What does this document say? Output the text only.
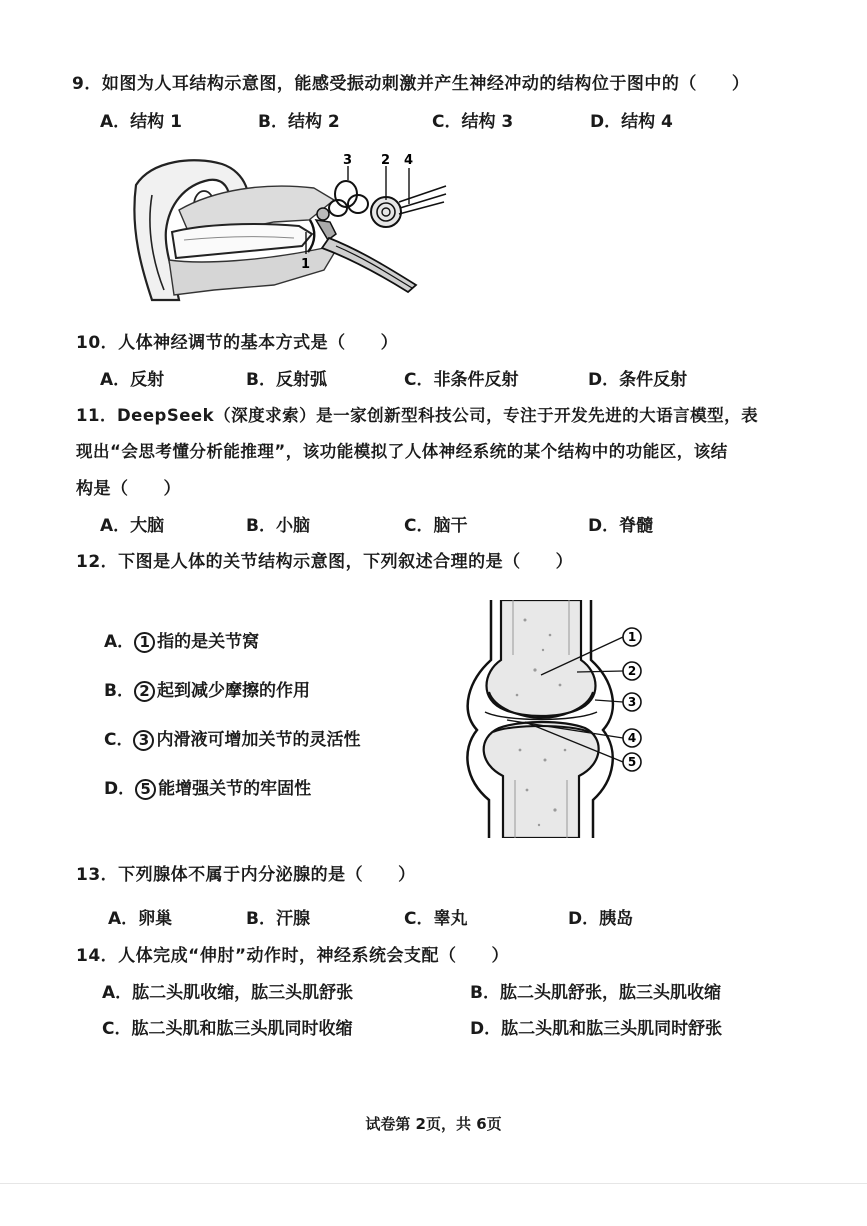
9．如图为人耳结构示意图，能感受振动刺激并产生神经冲动的结构位于图中的（　　）
A．结构 1	B．结构 2	C．结构 3	D．结构 4
3 2 4
1
10．人体神经调节的基本方式是（　　）
A．反射	B．反射弧	C．非条件反射	D．条件反射
11．DeepSeek（深度求索）是一家创新型科技公司，专注于开发先进的大语言模型，表
现出“会思考懂分析能推理”，该功能模拟了人体神经系统的某个结构中的功能区，该结
构是（　　）
A．大脑	B．小脑	C．脑干	D．脊髓
12．下图是人体的关节结构示意图，下列叙述合理的是（　　）
A． 1 指的是关节窝
B． 2 起到减少摩擦的作用
C． 3 内滑液可增加关节的灵活性
D． 5 能增强关节的牢固性
1
2
3
4
5
13．下列腺体不属于内分泌腺的是（　　）
A．卵巢	B．汗腺	C．睾丸	D．胰岛
14．人体完成“伸肘”动作时，神经系统会支配（　　）
A．肱二头肌收缩，肱三头肌舒张	B．肱二头肌舒张，肱三头肌收缩
C．肱二头肌和肱三头肌同时收缩	D．肱二头肌和肱三头肌同时舒张
试卷第 2页，共 6页
